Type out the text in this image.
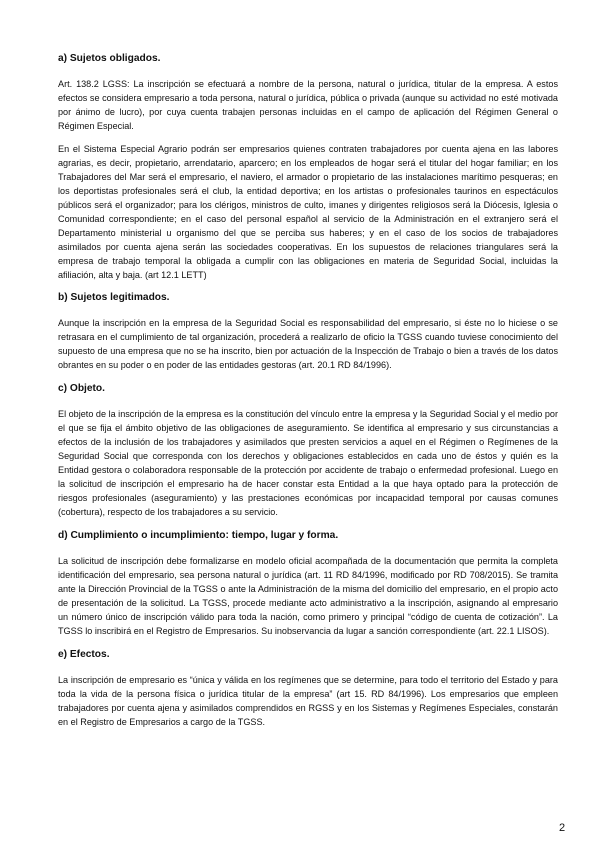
a) Sujetos obligados.

Art. 138.2 LGSS: La inscripción se efectuará a nombre de la persona, natural o jurídica, titular de la empresa. A estos efectos se considera empresario a toda persona, natural o jurídica, pública o privada (aunque su actividad no esté motivada por ánimo de lucro), por cuya cuenta trabajen personas incluidas en el campo de aplicación del Régimen General o Régimen Especial.

En el Sistema Especial Agrario podrán ser empresarios quienes contraten trabajadores por cuenta ajena en las labores agrarias, es decir, propietario, arrendatario, aparcero; en los empleados de hogar será el titular del hogar familiar; en los Trabajadores del Mar será el empresario, el naviero, el armador o propietario de las instalaciones marítimo pesqueras; en los deportistas profesionales será el club, la entidad deportiva; en los artistas o profesionales taurinos en espectáculos públicos será el organizador; para los clérigos, ministros de culto, imanes y dirigentes religiosos será la Diócesis, Iglesia o Comunidad correspondiente; en el caso del personal español al servicio de la Administración en el extranjero será el Departamento ministerial u organismo del que se perciba sus haberes; y en el caso de los socios de trabajadores asimilados por cuenta ajena serán las sociedades cooperativas. En los supuestos de relaciones triangulares será la empresa de trabajo temporal la obligada a cumplir con las obligaciones en materia de Seguridad Social, incluidas la afiliación, alta y baja. (art 12.1 LETT)

b) Sujetos legitimados.

Aunque la inscripción en la empresa de la Seguridad Social es responsabilidad del empresario, si éste no lo hiciese o se retrasara en el cumplimiento de tal organización, procederá a realizarlo de oficio la TGSS cuando tuviese conocimiento del supuesto de una empresa que no se ha inscrito, bien por actuación de la Inspección de Trabajo o bien a través de los datos obrantes en su poder o en poder de las entidades gestoras (art. 20.1 RD 84/1996).

c) Objeto.

El objeto de la inscripción de la empresa es la constitución del vínculo entre la empresa y la Seguridad Social y el medio por el que se fija el ámbito objetivo de las obligaciones de aseguramiento. Se identifica al empresario y sus circunstancias a efectos de la inclusión de los trabajadores y asimilados que presten servicios a aquel en el Régimen o Regímenes de la Seguridad Social que corresponda con los derechos y obligaciones establecidos en cada uno de éstos y quién es la Entidad gestora o colaboradora responsable de la protección por accidente de trabajo o enfermedad profesional. Luego en la solicitud de inscripción el empresario ha de hacer constar esta Entidad a la que haya optado para la protección de riesgos profesionales (aseguramiento) y las prestaciones económicas por incapacidad temporal por causas comunes (cobertura), respecto de los trabajadores a su servicio.

d) Cumplimiento o incumplimiento: tiempo, lugar y forma.

La solicitud de inscripción debe formalizarse en modelo oficial acompañada de la documentación que permita la completa identificación del empresario, sea persona natural o jurídica (art. 11 RD 84/1996, modificado por RD 708/2015). Se tramita ante la Dirección Provincial de la TGSS o ante la Administración de la misma del domicilio del empresario, en el propio acto de presentación de la solicitud. La TGSS, procede mediante acto administrativo a la inscripción, asignando al empresario un número único de inscripción válido para toda la nación, como primero y principal “código de cuenta de cotización”. La TGSS lo inscribirá en el Registro de Empresarios. Su inobservancia da lugar a sanción correspondiente (art. 22.1 LISOS).

e) Efectos.

La inscripción de empresario es “única y válida en los regímenes que se determine, para todo el territorio del Estado y para toda la vida de la persona física o jurídica titular de la empresa” (art 15. RD 84/1996). Los empresarios que empleen trabajadores por cuenta ajena y asimilados comprendidos en RGSS y en los Sistemas y Regímenes Especiales, constarán en el Registro de Empresarios a cargo de la TGSS.

2
